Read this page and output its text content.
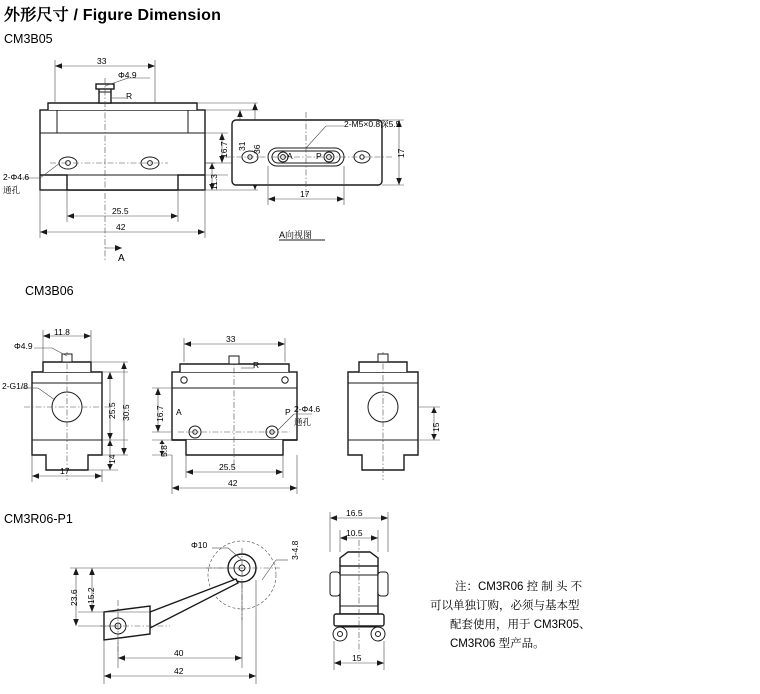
外形尺寸 / Figure Dimension
CM3B05
CM3B06
CM3R06-P1
33
Φ4.9
R
16.7 31 36
11.3
25.5
42
A
2-Φ4.6
通孔
2-M5×0.8深5.5
17
17
A	P
A向视图
11.8
Φ4.9
2-G1/8
30.5
25.5
14
17
33
R
16.7
5.8
25.5
42
A	P 2-Φ4.6
通孔
15
Φ10	3-4.8
23.6 15.2
40
42
16.5
10.5
15
注：CM3R06 控 制 头 不
可以单独订购，必须与基本型
配套使用，用于 CM3R05、
CM3R06 型产品。
